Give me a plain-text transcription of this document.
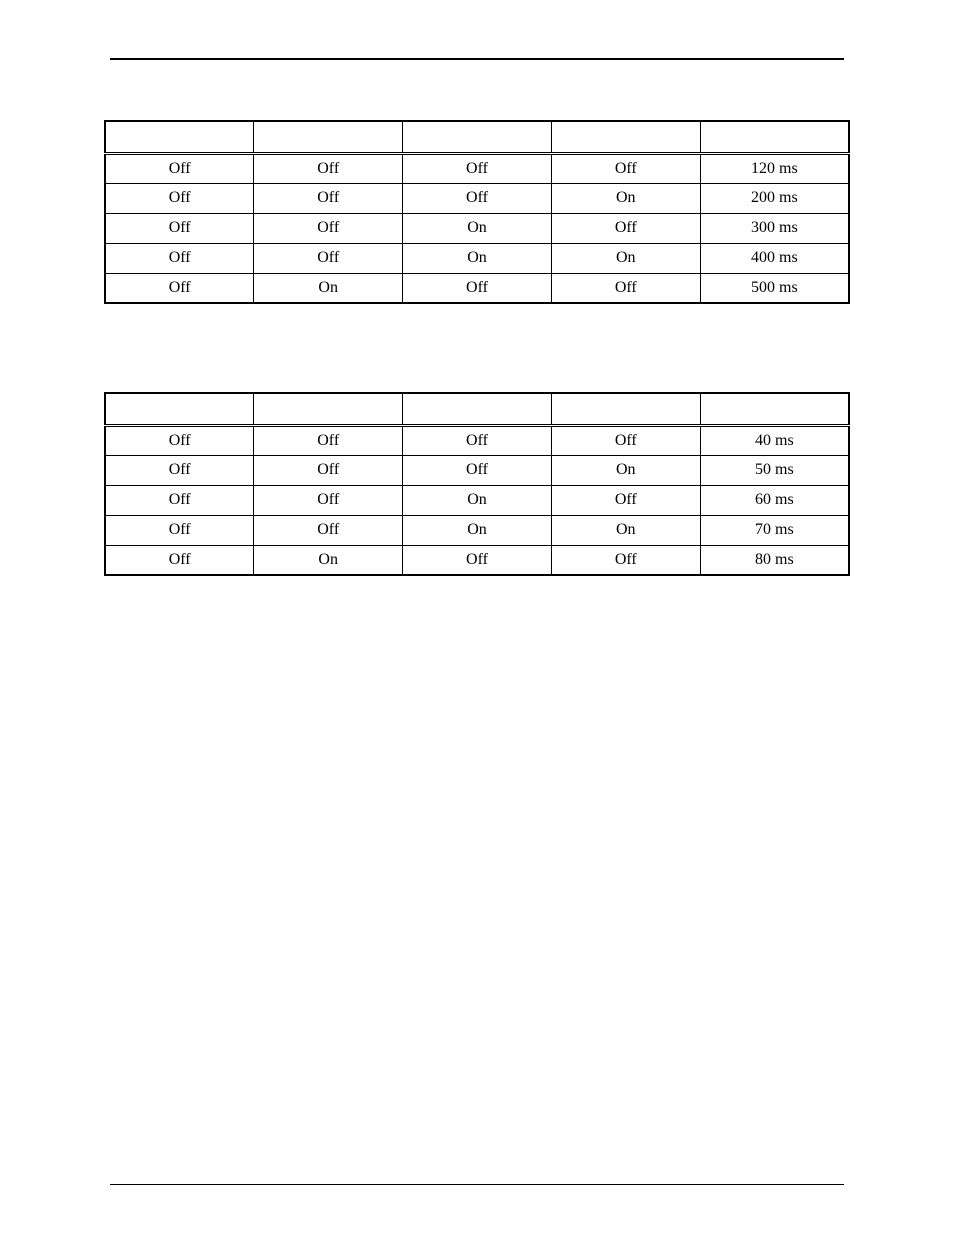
Off	Off	Off	Off	120 ms
Off	Off	Off	On	200 ms
Off	Off	On	Off	300 ms
Off	Off	On	On	400 ms
Off	On	Off	Off	500 ms

Off	Off	Off	Off	40 ms
Off	Off	Off	On	50 ms
Off	Off	On	Off	60 ms
Off	Off	On	On	70 ms
Off	On	Off	Off	80 ms
